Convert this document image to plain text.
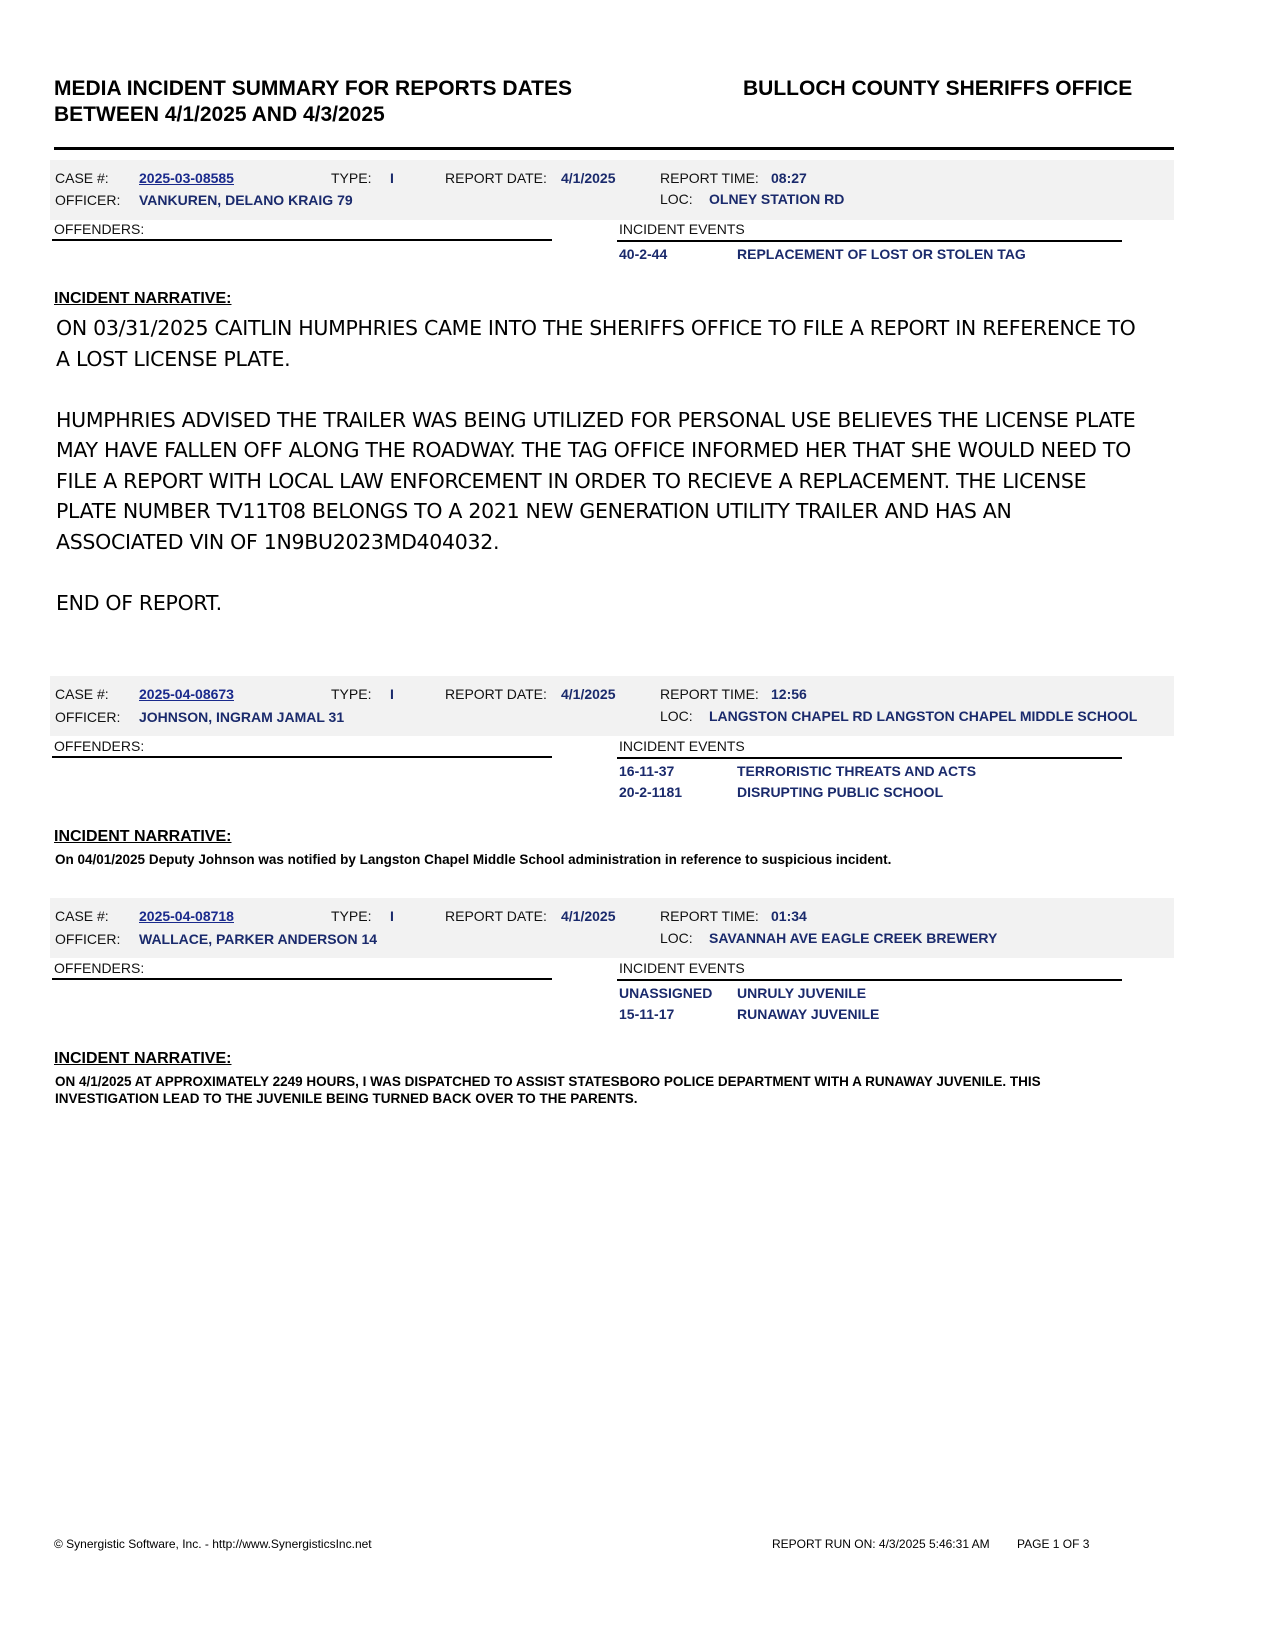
MEDIA INCIDENT SUMMARY FOR REPORTS DATES
BETWEEN 4/1/2025 AND 4/3/2025
BULLOCH COUNTY SHERIFFS OFFICE
CASE #: 2025-03-08585	TYPE: I	REPORT DATE: 4/1/2025	REPORT TIME: 08:27
OFFICER: VANKUREN, DELANO KRAIG 79	LOC: OLNEY STATION RD
OFFENDERS:	INCIDENT EVENTS
40-2-44	REPLACEMENT OF LOST OR STOLEN TAG
INCIDENT NARRATIVE:

ON 03/31/2025 CAITLIN HUMPHRIES CAME INTO THE SHERIFFS OFFICE TO FILE A REPORT IN REFERENCE TO

A LOST LICENSE PLATE.

HUMPHRIES ADVISED THE TRAILER WAS BEING UTILIZED FOR PERSONAL USE BELIEVES THE LICENSE PLATE

MAY HAVE FALLEN OFF ALONG THE ROADWAY. THE TAG OFFICE INFORMED HER THAT SHE WOULD NEED TO

FILE A REPORT WITH LOCAL LAW ENFORCEMENT IN ORDER TO RECIEVE A REPLACEMENT. THE LICENSE

PLATE NUMBER TV11T08 BELONGS TO A 2021 NEW GENERATION UTILITY TRAILER AND HAS AN

ASSOCIATED VIN OF 1N9BU2023MD404032.

END OF REPORT.

CASE #: 2025-04-08673	TYPE: I	REPORT DATE: 4/1/2025	REPORT TIME: 12:56
OFFICER: JOHNSON, INGRAM JAMAL 31	LOC: LANGSTON CHAPEL RD LANGSTON CHAPEL MIDDLE SCHOOL
OFFENDERS:	INCIDENT EVENTS
16-11-37	TERRORISTIC THREATS AND ACTS
20-2-1181	DISRUPTING PUBLIC SCHOOL
INCIDENT NARRATIVE:
On 04/01/2025 Deputy Johnson was notified by Langston Chapel Middle School administration in reference to suspicious incident.
CASE #: 2025-04-08718	TYPE: I	REPORT DATE: 4/1/2025	REPORT TIME: 01:34
OFFICER: WALLACE, PARKER ANDERSON 14	LOC: SAVANNAH AVE EAGLE CREEK BREWERY
OFFENDERS:	INCIDENT EVENTS
UNASSIGNED UNRULY JUVENILE
15-11-17	RUNAWAY JUVENILE
INCIDENT NARRATIVE:
ON 4/1/2025 AT APPROXIMATELY 2249 HOURS, I WAS DISPATCHED TO ASSIST STATESBORO POLICE DEPARTMENT WITH A RUNAWAY JUVENILE. THIS
INVESTIGATION LEAD TO THE JUVENILE BEING TURNED BACK OVER TO THE PARENTS.
© Synergistic Software, Inc. - http://www.SynergisticsInc.net	REPORT RUN ON: 4/3/2025 5:46:31 AM PAGE 1 OF 3
